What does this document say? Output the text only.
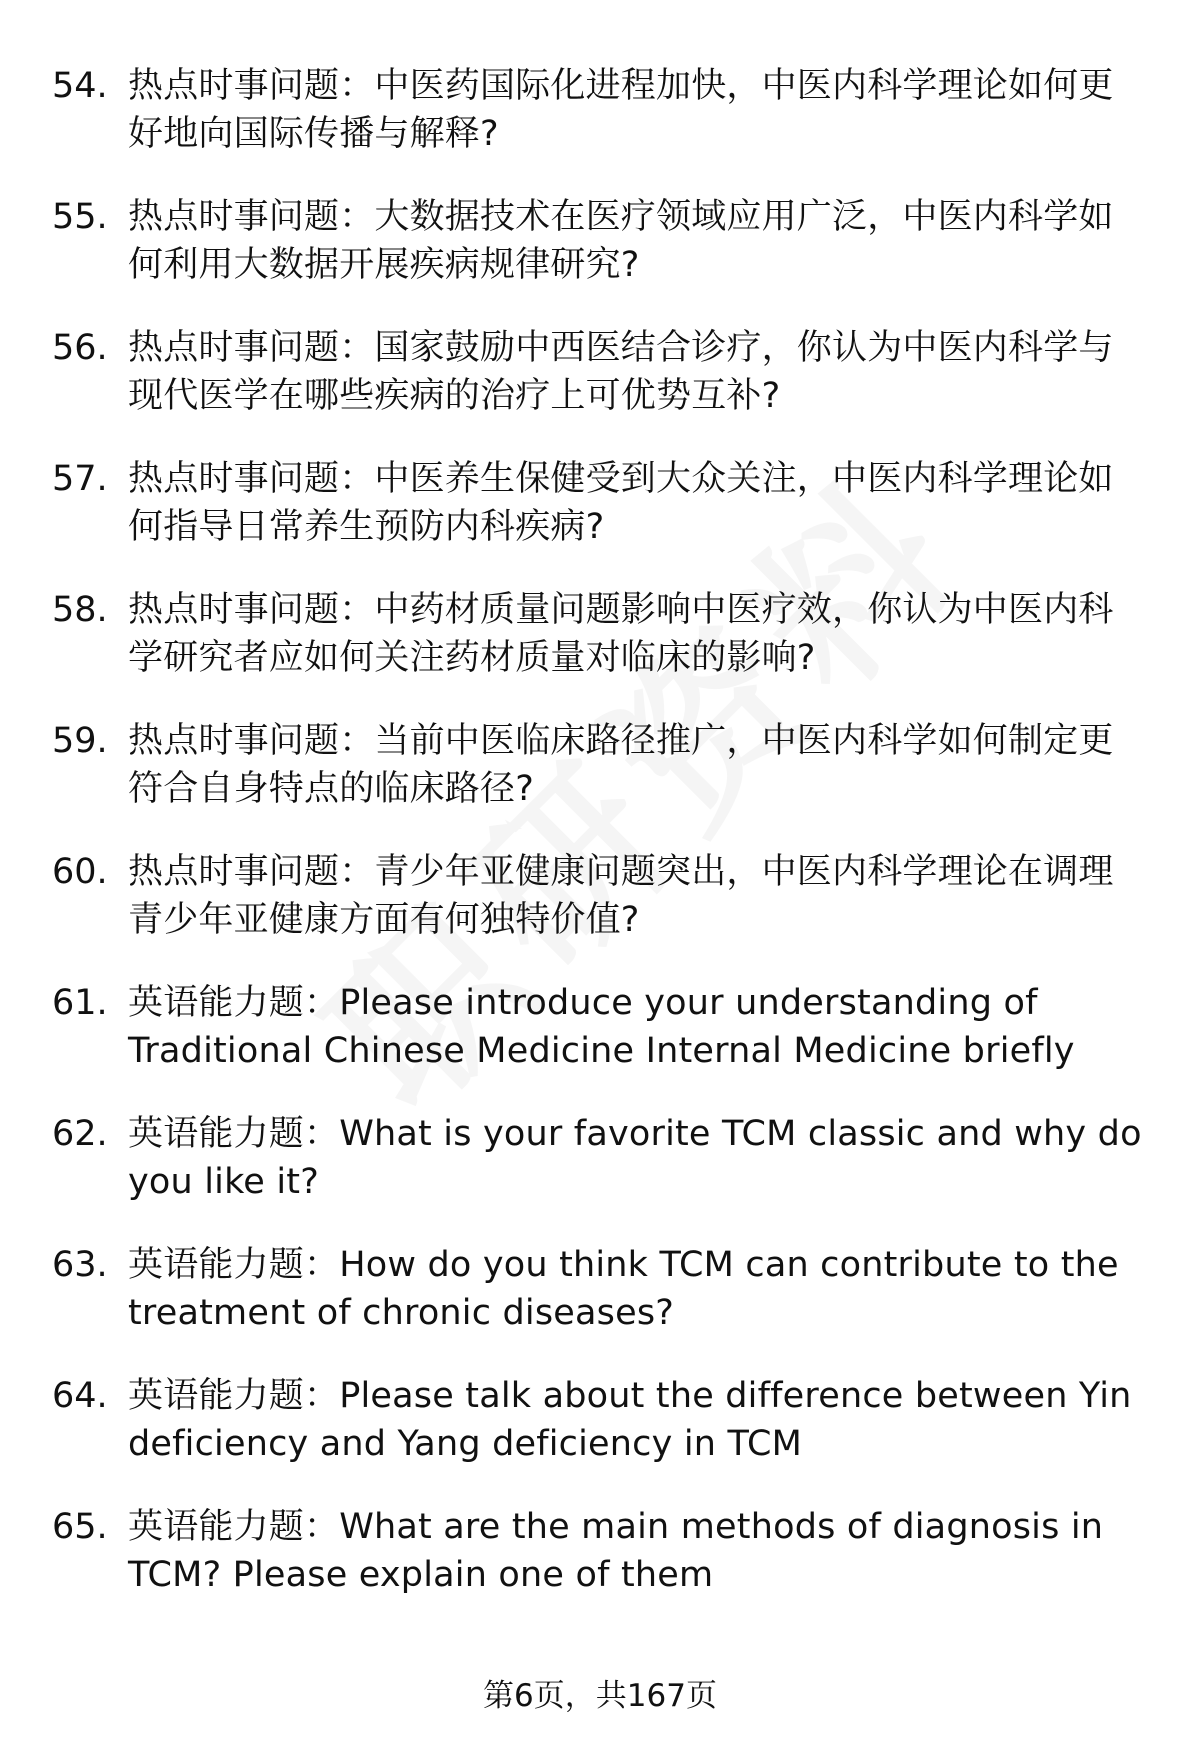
54. 热点时事问题：中医药国际化进程加快，中医内科学理论如何更好地向国际传播与解释?
55. 热点时事问题：大数据技术在医疗领域应用广泛，中医内科学如何利用大数据开展疾病规律研究?
56. 热点时事问题：国家鼓励中西医结合诊疗，你认为中医内科学与现代医学在哪些疾病的治疗上可优势互补?
57. 热点时事问题：中医养生保健受到大众关注，中医内科学理论如何指导日常养生预防内科疾病?
58. 热点时事问题：中药材质量问题影响中医疗效，你认为中医内科学研究者应如何关注药材质量对临床的影响?
59. 热点时事问题：当前中医临床路径推广，中医内科学如何制定更符合自身特点的临床路径?
60. 热点时事问题：青少年亚健康问题突出，中医内科学理论在调理青少年亚健康方面有何独特价值?
61. 英语能力题：Please introduce your understanding of Traditional Chinese Medicine Internal Medicine briefly
62. 英语能力题：What is your favorite TCM classic and why do you like it?
63. 英语能力题：How do you think TCM can contribute to the treatment of chronic diseases?
64. 英语能力题：Please talk about the difference between Yin deficiency and Yang deficiency in TCM
65. 英语能力题：What are the main methods of diagnosis in TCM? Please explain one of them
第6页，共167页
